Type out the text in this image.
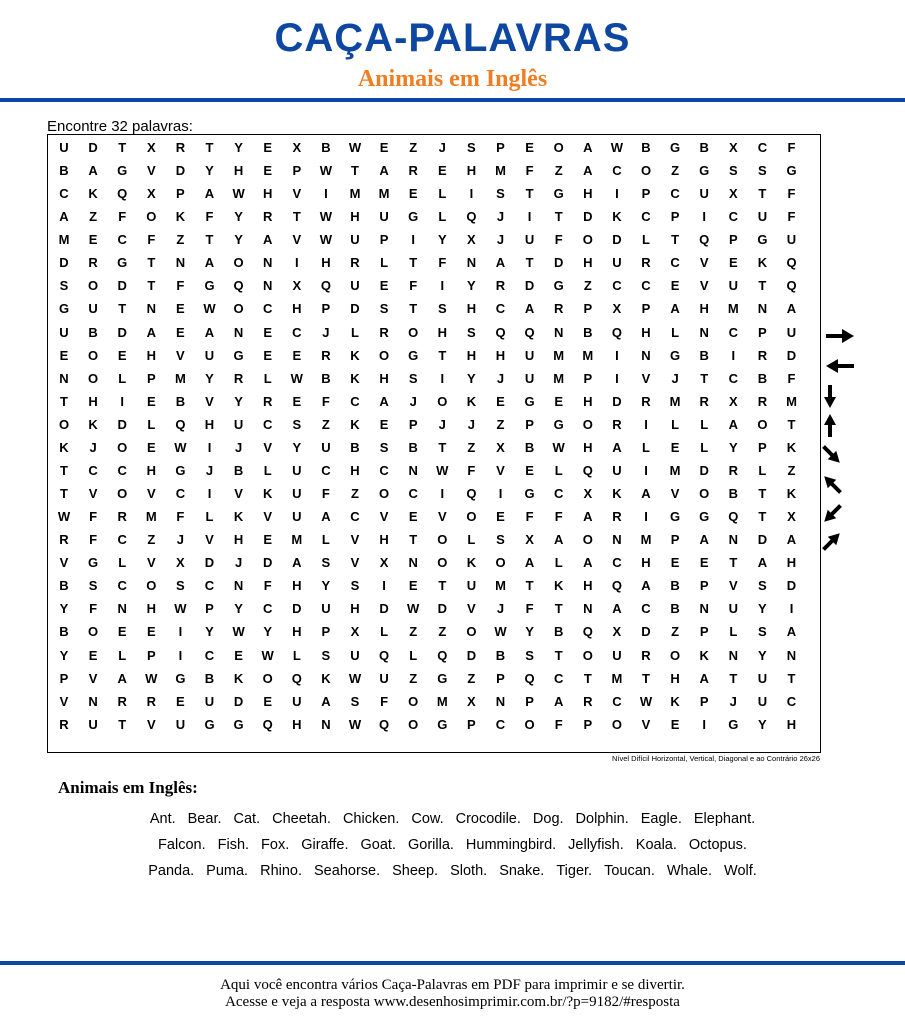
CAÇA-PALAVRAS
Animais em Inglês
Encontre 32 palavras:
U	D	T	X	R	T	Y	E	X	B	W	E	Z	J	S	P	E	O	A	W	B	G	B	X	C	F
B	A	G	V	D	Y	H	E	P	W	T	A	R	E	H	M	F	Z	A	C	O	Z	G	S	S	G
C	K	Q	X	P	A	W	H	V	I	M	M	E	L	I	S	T	G	H	I	P	C	U	X	T	F
A	Z	F	O	K	F	Y	R	T	W	H	U	G	L	Q	J	I	T	D	K	C	P	I	C	U	F
M	E	C	F	Z	T	Y	A	V	W	U	P	I	Y	X	J	U	F	O	D	L	T	Q	P	G	U
D	R	G	T	N	A	O	N	I	H	R	L	T	F	N	A	T	D	H	U	R	C	V	E	K	Q
S	O	D	T	F	G	Q	N	X	Q	U	E	F	I	Y	R	D	G	Z	C	C	E	V	U	T	Q
G	U	T	N	E	W	O	C	H	P	D	S	T	S	H	C	A	R	P	X	P	A	H	M	N	A
U	B	D	A	E	A	N	E	C	J	L	R	O	H	S	Q	Q	N	B	Q	H	L	N	C	P	U
E	O	E	H	V	U	G	E	E	R	K	O	G	T	H	H	U	M	M	I	N	G	B	I	R	D
N	O	L	P	M	Y	R	L	W	B	K	H	S	I	Y	J	U	M	P	I	V	J	T	C	B	F
T	H	I	E	B	V	Y	R	E	F	C	A	J	O	K	E	G	E	H	D	R	M	R	X	R	M
O	K	D	L	Q	H	U	C	S	Z	K	E	P	J	J	Z	P	G	O	R	I	L	L	A	O	T
K	J	O	E	W	I	J	V	Y	U	B	S	B	T	Z	X	B	W	H	A	L	E	L	Y	P	K
T	C	C	H	G	J	B	L	U	C	H	C	N	W	F	V	E	L	Q	U	I	M	D	R	L	Z
T	V	O	V	C	I	V	K	U	F	Z	O	C	I	Q	I	G	C	X	K	A	V	O	B	T	K
W	F	R	M	F	L	K	V	U	A	C	V	E	V	O	E	F	F	A	R	I	G	G	Q	T	X
R	F	C	Z	J	V	H	E	M	L	V	H	T	O	L	S	X	A	O	N	M	P	A	N	D	A
V	G	L	V	X	D	J	D	A	S	V	X	N	O	K	O	A	L	A	C	H	E	E	T	A	H
B	S	C	O	S	C	N	F	H	Y	S	I	E	T	U	M	T	K	H	Q	A	B	P	V	S	D
Y	F	N	H	W	P	Y	C	D	U	H	D	W	D	V	J	F	T	N	A	C	B	N	U	Y	I
B	O	E	E	I	Y	W	Y	H	P	X	L	Z	Z	O	W	Y	B	Q	X	D	Z	P	L	S	A
Y	E	L	P	I	C	E	W	L	S	U	Q	L	Q	D	B	S	T	O	U	R	O	K	N	Y	N
P	V	A	W	G	B	K	O	Q	K	W	U	Z	G	Z	P	Q	C	T	M	T	H	A	T	U	T
V	N	R	R	E	U	D	E	U	A	S	F	O	M	X	N	P	A	R	C	W	K	P	J	U	C
R	U	T	V	U	G	G	Q	H	N	W	Q	O	G	P	C	O	F	P	O	V	E	I	G	Y	H
Nível Difícil Horizontal, Vertical, Diagonal e ao Contrário 26x26
Animais em Inglês:
Ant. Bear. Cat. Cheetah. Chicken. Cow. Crocodile. Dog. Dolphin. Eagle. Elephant.
Falcon. Fish. Fox. Giraffe. Goat. Gorilla. Hummingbird. Jellyfish. Koala. Octopus.
Panda. Puma. Rhino. Seahorse. Sheep. Sloth. Snake. Tiger. Toucan. Whale. Wolf.
Aqui você encontra vários Caça-Palavras em PDF para imprimir e se divertir.
Acesse e veja a resposta www.desenhosimprimir.com.br/?p=9182/#resposta
